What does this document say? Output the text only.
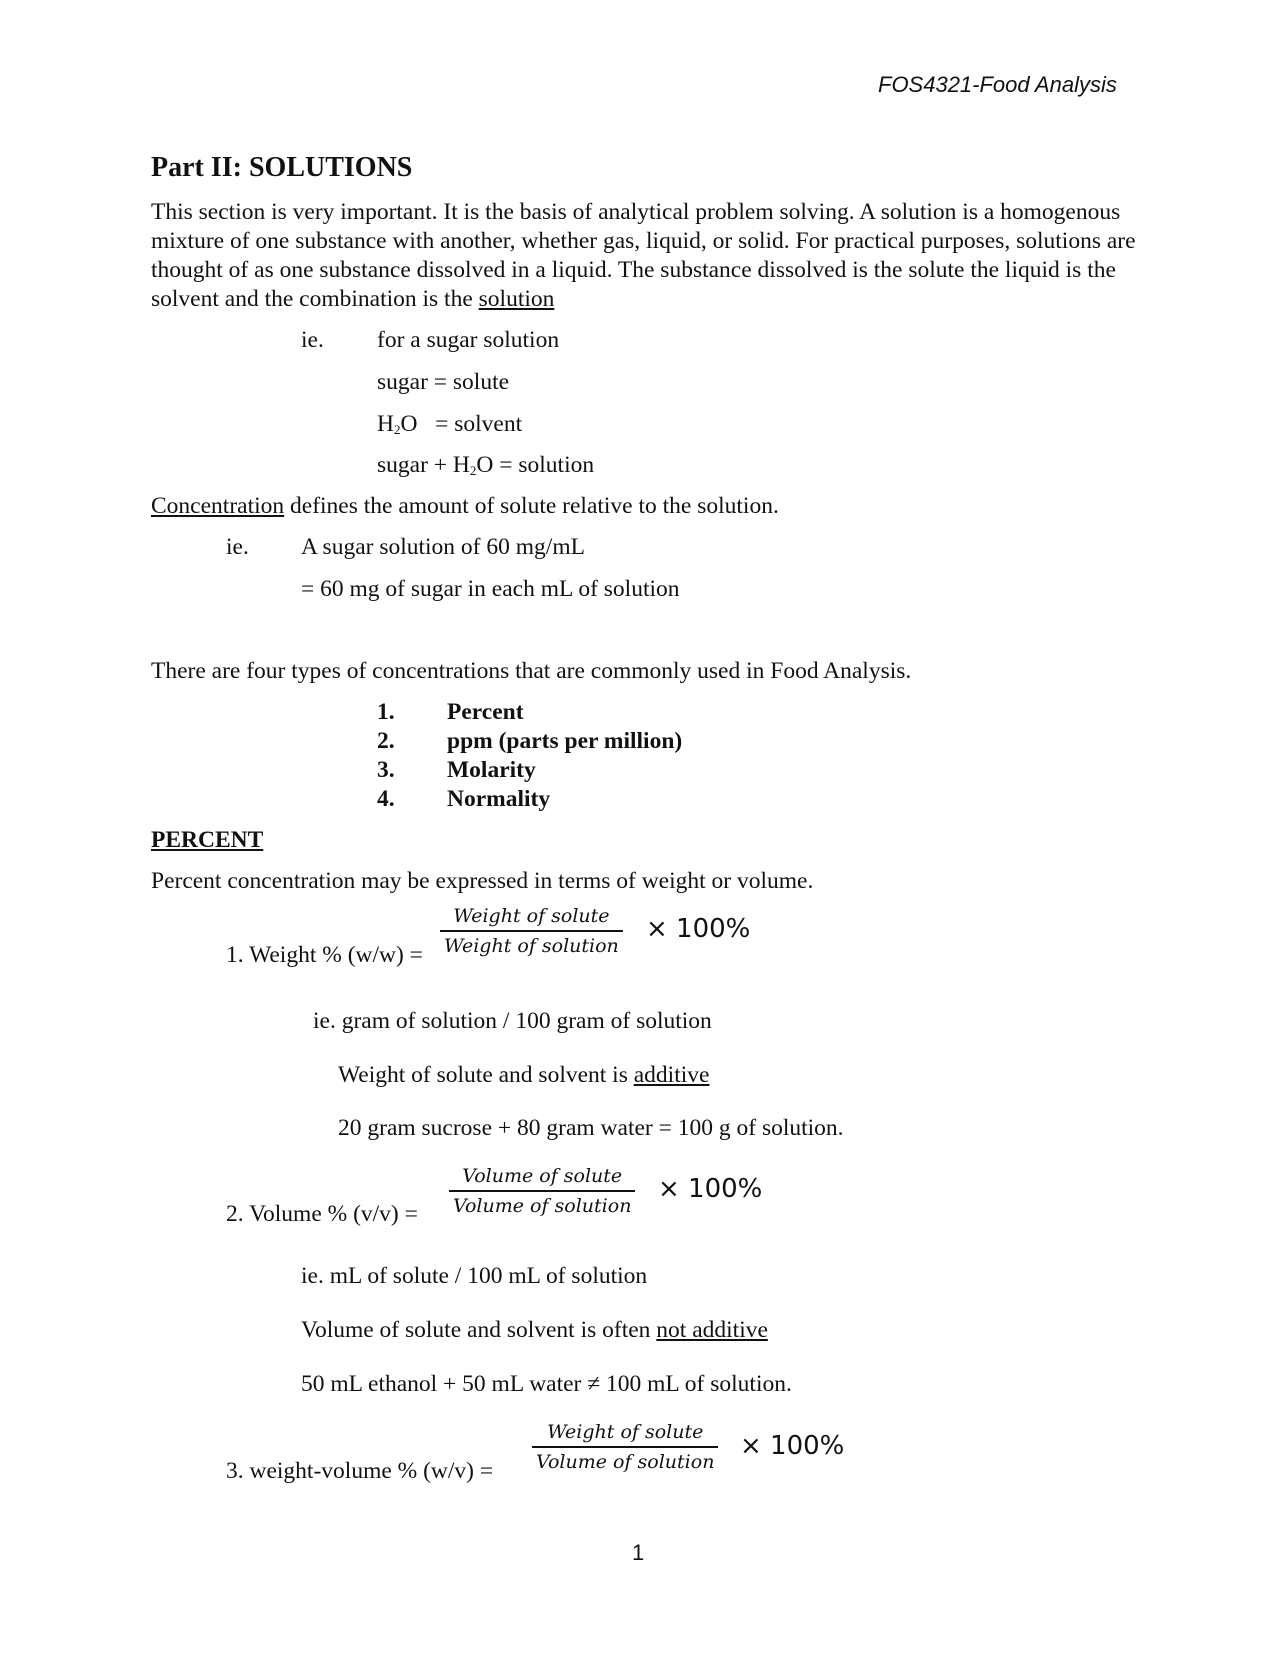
FOS4321-Food Analysis
Part II: SOLUTIONS
This section is very important. It is the basis of analytical problem solving. A solution is a homogenous mixture of one substance with another, whether gas, liquid, or solid. For practical purposes, solutions are thought of as one substance dissolved in a liquid. The substance dissolved is the solute the liquid is the solvent and the combination is the solution
ie. for a sugar solution
sugar = solute
$H_2O$   = solvent
sugar + $H_2O$ = solution
Concentration defines the amount of solute relative to the solution.
ie. A sugar solution of 60 mg/mL
= 60 mg of sugar in each mL of solution
There are four types of concentrations that are commonly used in Food Analysis.
1. Percent
2. ppm (parts per million)
3. Molarity
4. Normality
PERCENT
Percent concentration may be expressed in terms of weight or volume.
1. Weight % (w/w) =
Weight of solute
Weight of solution
× 100%
ie. gram of solution / 100 gram of solution
Weight of solute and solvent is additive
20 gram sucrose + 80 gram water = 100 g of solution.
2. Volume % (v/v) =
Volume of solute
Volume of solution
× 100%
ie. mL of solute / 100 mL of solution
Volume of solute and solvent is often not additive
50 mL ethanol + 50 mL water ≠ 100 mL of solution.
3. weight-volume % (w/v) =
Weight of solute
Volume of solution
× 100%
1
